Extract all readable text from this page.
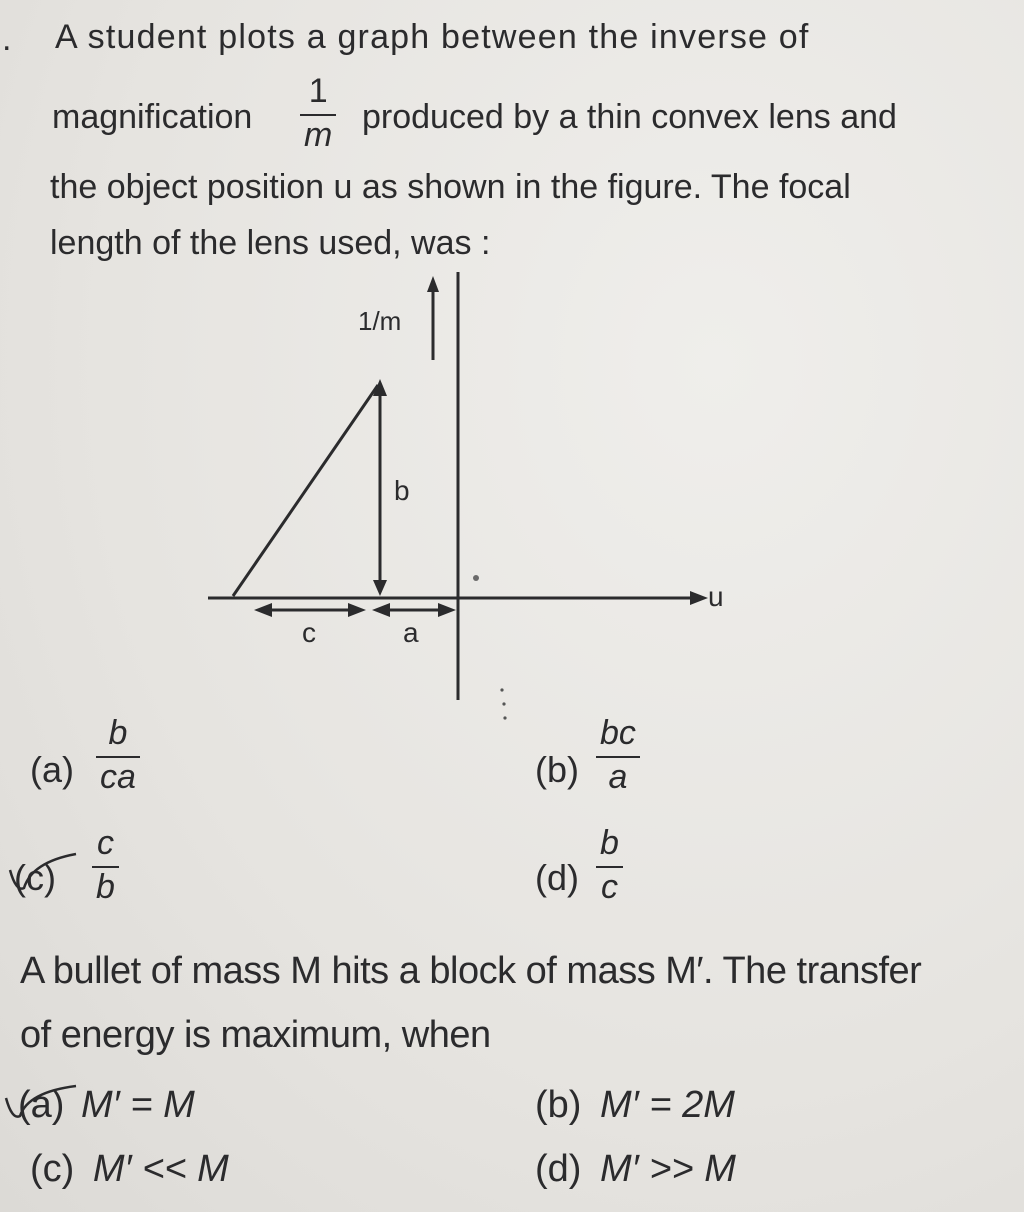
. A student plots a graph between the inverse of
magnification
1
m produced by a thin convex lens and
the object position u as shown in the figure. The focal
length of the lens used, was :
1/m
u
b
c	a
(a)
b
ca	(b)
bc
a
(c)
c
b	(d)
b
c
A bullet of mass M hits a block of mass M′. The transfer
of energy is maximum, when
(a) M′ = M	(b) M′ = 2M
(c) M′ << M	(d) M′ >> M
